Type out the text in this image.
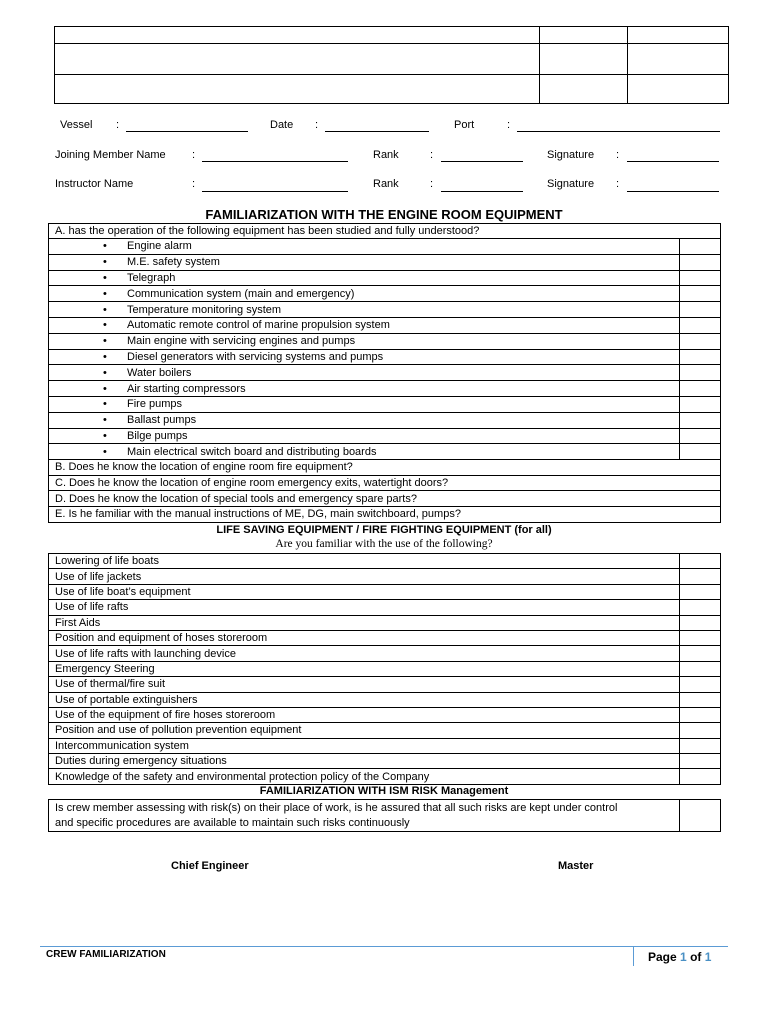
Vessel :	Date :	Port	:
Joining Member Name :	Rank	:	Signature :
Instructor Name	:	Rank	:	Signature :
FAMILIARIZATION WITH THE ENGINE ROOM EQUIPMENT
A. has the operation of the following equipment has been studied and fully understood?	
• Engine alarm	
• M.E. safety system	
• Telegraph	
• Communication system (main and emergency)	
• Temperature monitoring system	
• Automatic remote control of marine propulsion system	
• Main engine with servicing engines and pumps	
• Diesel generators with servicing systems and pumps	
• Water boilers	
• Air starting compressors	
• Fire pumps	
• Ballast pumps	
• Bilge pumps	
• Main electrical switch board and distributing boards	
B. Does he know the location of engine room fire equipment?	
C. Does he know the location of engine room emergency exits, watertight doors?	
D. Does he know the location of special tools and emergency spare parts?	
E. Is he familiar with the manual instructions of ME, DG, main switchboard, pumps?	
LIFE SAVING EQUIPMENT / FIRE FIGHTING EQUIPMENT (for all)
Are you familiar with the use of the following?
Lowering of life boats	
Use of life jackets	
Use of life boat’s equipment	
Use of life rafts	
First Aids	
Position and equipment of hoses storeroom	
Use of life rafts with launching device	
Emergency Steering	
Use of thermal/fire suit	
Use of portable extinguishers	
Use of the equipment of fire hoses storeroom	
Position and use of pollution prevention equipment	
Intercommunication system	
Duties during emergency situations	
Knowledge of the safety and environmental protection policy of the Company	
FAMILIARIZATION WITH ISM RISK Management
Is crew member assessing with risk(s) on their place of work, is he assured that all such risks are kept under control
and specific procedures are available to maintain such risks continuously

Chief Engineer	Master
CREW FAMILIARIZATION	Page 1 of 1
